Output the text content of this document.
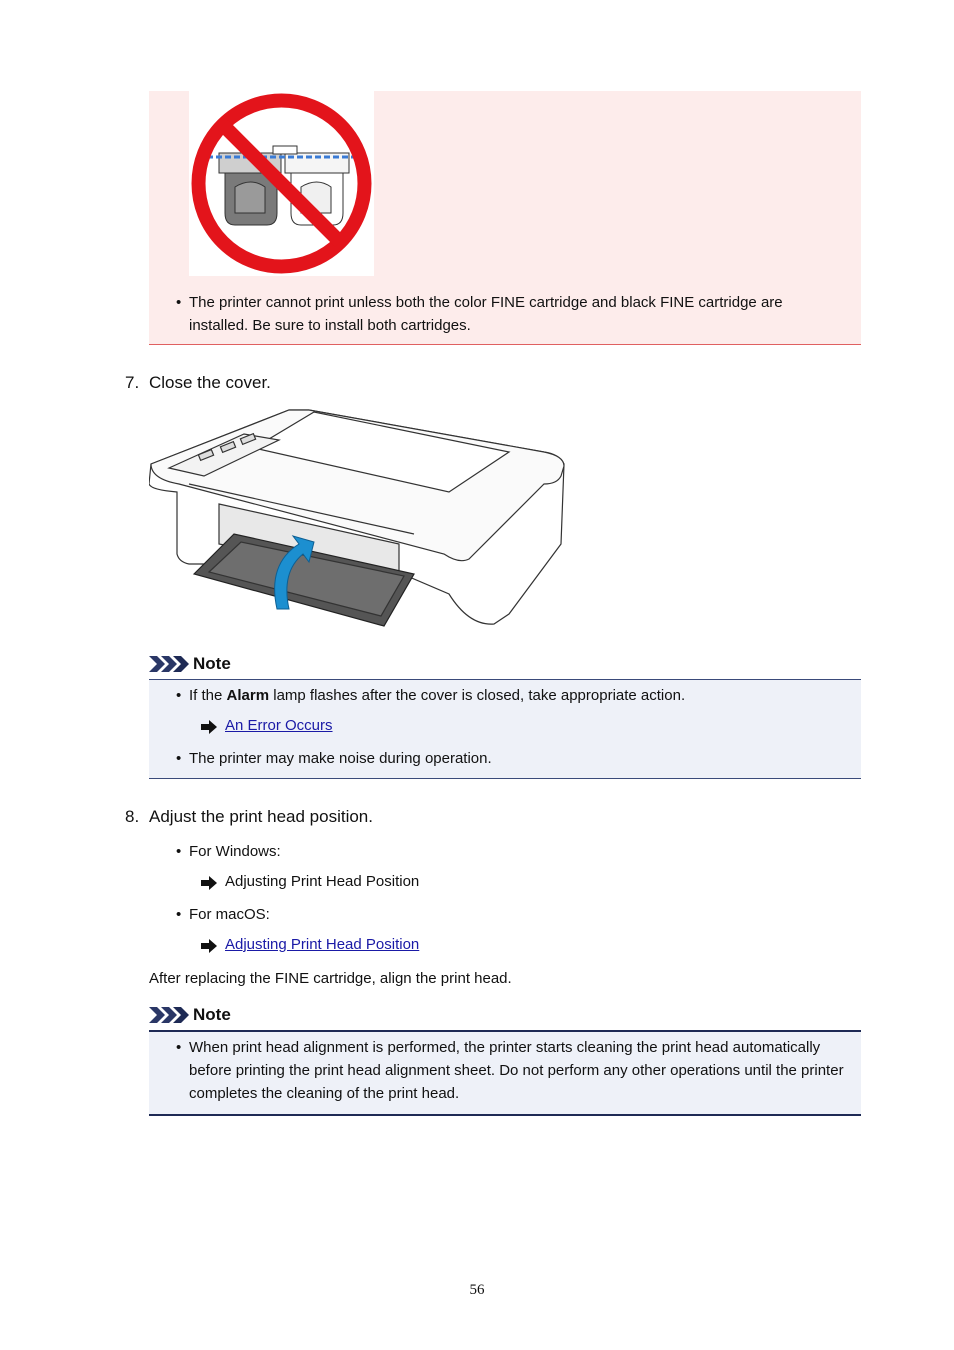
• The printer cannot print unless both the color FINE cartridge and black FINE cartridge are installed. Be sure to install both cartridges.
7. Close the cover.
Note
• If the Alarm lamp flashes after the cover is closed, take appropriate action.
An Error Occurs
• The printer may make noise during operation.
8. Adjust the print head position.
• For Windows:
Adjusting Print Head Position
• For macOS:
Adjusting Print Head Position
After replacing the FINE cartridge, align the print head.
Note
• When print head alignment is performed, the printer starts cleaning the print head automatically before printing the print head alignment sheet. Do not perform any other operations until the printer completes the cleaning of the print head.
56
